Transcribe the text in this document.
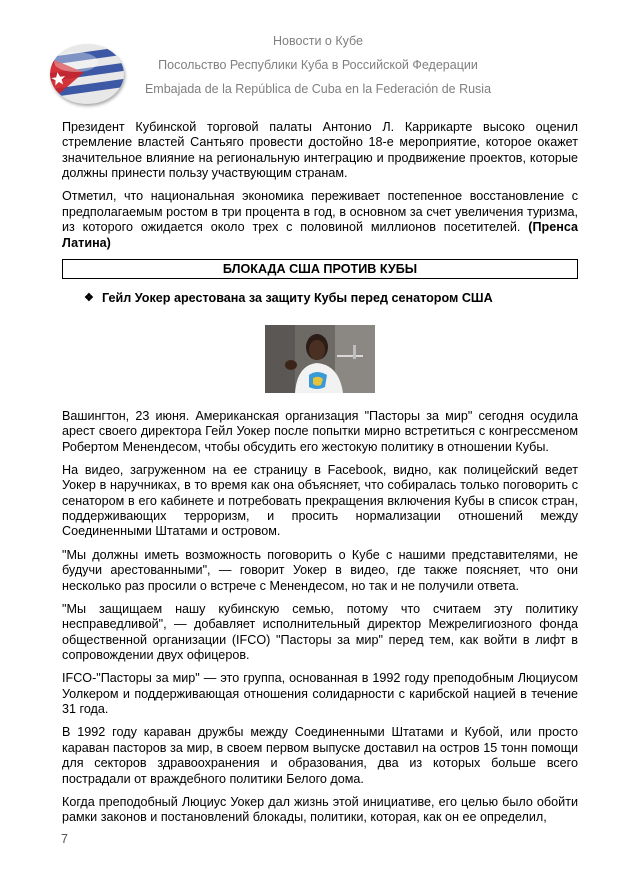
Новости о Кубе
Посольство Республики Куба в Российской Федерации
Embajada de la República de Cuba en la Federación de Rusia

Президент Кубинской торговой палаты Антонио Л. Каррикарте высоко оценил стремление властей Сантьяго провести достойно 18-е мероприятие, которое окажет значительное влияние на региональную интеграцию и продвижение проектов, которые должны принести пользу участвующим странам.

Отметил, что национальная экономика переживает постепенное восстановление с предполагаемым ростом в три процента в год, в основном за счет увеличения туризма, из которого ожидается около трех с половиной миллионов посетителей. (Пренса Латина)

БЛОКАДА США ПРОТИВ КУБЫ
❖ Гейл Уокер арестована за защиту Кубы перед сенатором США

Вашингтон, 23 июня. Американская организация "Пасторы за мир" сегодня осудила арест своего директора Гейл Уокер после попытки мирно встретиться с конгрессменом Робертом Менендесом, чтобы обсудить его жестокую политику в отношении Кубы.

На видео, загруженном на ее страницу в Facebook, видно, как полицейский ведет Уокер в наручниках, в то время как она объясняет, что собиралась только поговорить с сенатором в его кабинете и потребовать прекращения включения Кубы в список стран, поддерживающих терроризм, и просить нормализации отношений между Соединенными Штатами и островом.

"Мы должны иметь возможность поговорить о Кубе с нашими представителями, не будучи арестованными", — говорит Уокер в видео, где также поясняет, что они несколько раз просили о встрече с Менендесом, но так и не получили ответа.

"Мы защищаем нашу кубинскую семью, потому что считаем эту политику несправедливой", — добавляет исполнительный директор Межрелигиозного фонда общественной организации (IFCO) "Пасторы за мир" перед тем, как войти в лифт в сопровождении двух офицеров.

IFCO-"Пасторы за мир" — это группа, основанная в 1992 году преподобным Люциусом Уолкером и поддерживающая отношения солидарности с карибской нацией в течение 31 года.

В 1992 году караван дружбы между Соединенными Штатами и Кубой, или просто караван пасторов за мир, в своем первом выпуске доставил на остров 15 тонн помощи для секторов здравоохранения и образования, два из которых больше всего пострадали от враждебного политики Белого дома.

Когда преподобный Люциус Уокер дал жизнь этой инициативе, его целью было обойти рамки законов и постановлений блокады, политики, которая, как он ее определил,

7
